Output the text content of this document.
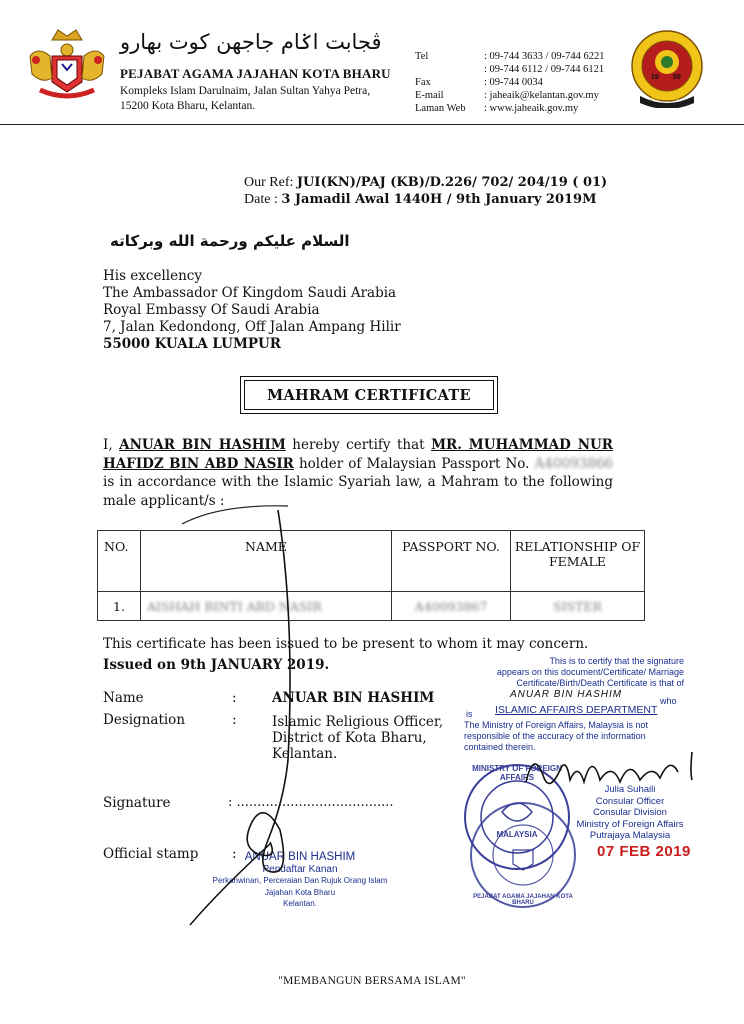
ڤجابت اݢام جاجهن كوت بهارو
PEJABAT AGAMA JAJAHAN KOTA BHARU
Kompleks Islam Darulnaim, Jalan Sultan Yahya Petra,
15200 Kota Bharu, Kelantan.
Tel	: 09-744 3633 / 09-744 6221
: 09-744 6112 / 09-744 6121
Fax	: 09-744 0034
E-mail	: jaheaik@kelantan.gov.my
Laman Web	: www.jaheaik.gov.my
19 50
JAHEAIK
Our Ref: JUI(KN)/PAJ (KB)/D.226/ 702/ 204/19 ( 01)
Date : 3 Jamadil Awal 1440H / 9th January 2019M
السلام عليكم ورحمة الله وبركاته
His excellency
The Ambassador Of Kingdom Saudi Arabia
Royal Embassy Of Saudi Arabia
7, Jalan Kedondong, Off Jalan Ampang Hilir
55000 KUALA LUMPUR
MAHRAM CERTIFICATE
I, ANUAR BIN HASHIM hereby certify that MR. MUHAMMAD NUR HAFIDZ BIN ABD NASIR holder of Malaysian Passport No. A40093866 is in accordance with the Islamic Syariah law, a Mahram to the following male applicant/s :
NO.	NAME	PASSPORT NO.	RELATIONSHIP OF FEMALE
1.	AISHAH BINTI ABD NASIR	A40093867	SISTER
This certificate has been issued to be present to whom it may concern.
Issued on 9th JANUARY 2019.
Name	:	ANUAR BIN HASHIM
Designation	:	Islamic Religious Officer,
District of Kota Bharu,
Kelantan.
Signature	: ......................................
Official stamp : ANUAR BIN HASHIM
Pendaftar Kanan
Perkahwinan, Perceraian Dan Rujuk Orang Islam
Jajahan Kota Bharu
Kelantan.
This is to certify that the signature
appears on this document/Certificate/ Marriage
Certificate/Birth/Death Certificate is that of
ANUAR BIN HASHIM
who
is ISLAMIC AFFAIRS DEPARTMENT
The Ministry of Foreign Affairs, Malaysia is not
responsible of the accuracy of the information
contained therein.
MINISTRY OF FOREIGN AFFAIRS
MALAYSIA
PEJABAT AGAMA JAJAHAN KOTA BHARU
Julia Suhaili
Consular Officer
Consular Division
Ministry of Foreign Affairs
Putrajaya Malaysia
07 FEB 2019
"MEMBANGUN BERSAMA ISLAM"
